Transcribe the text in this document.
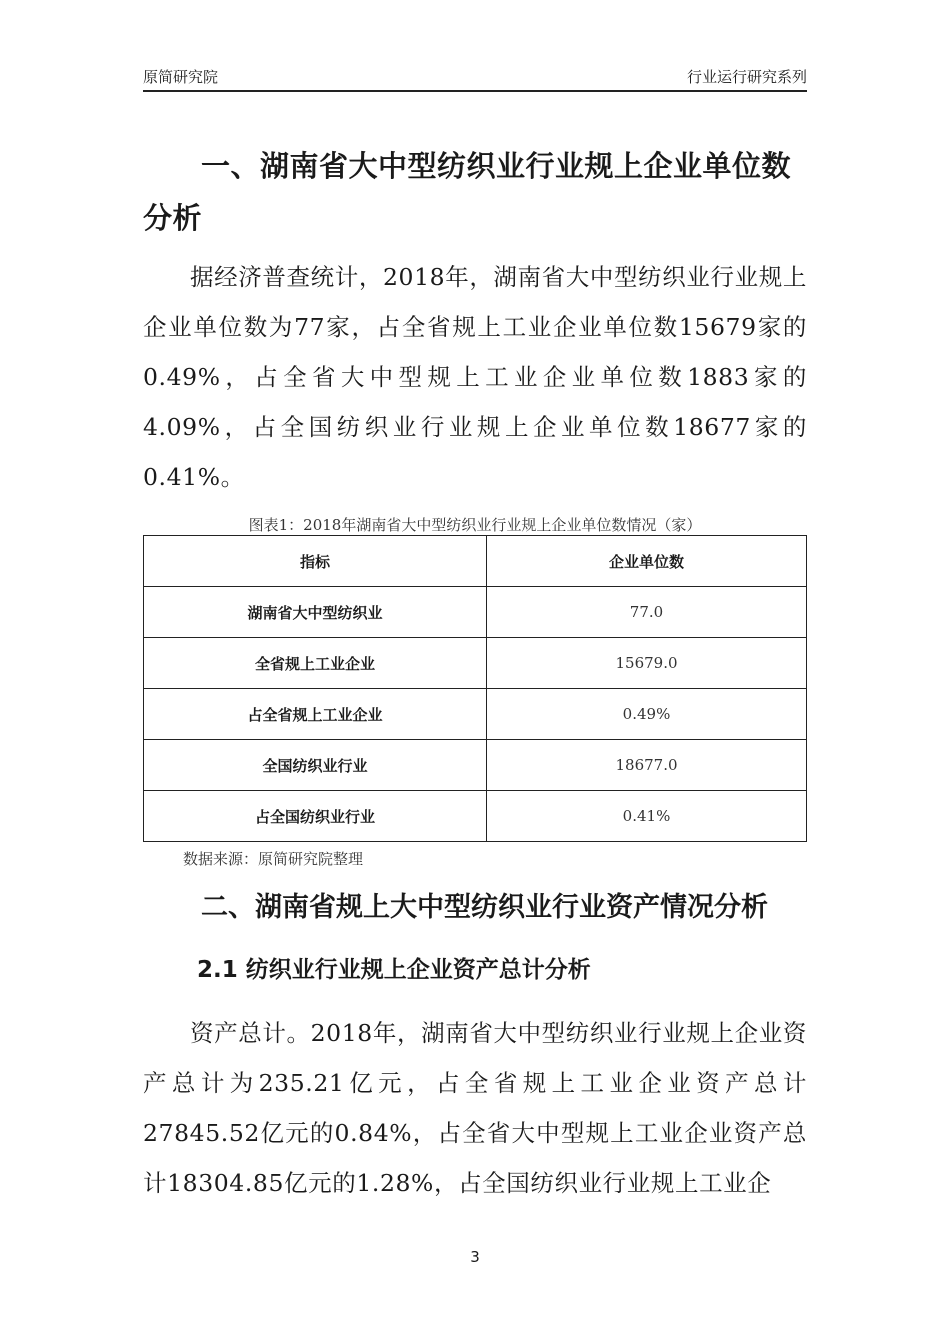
原简研究院	行业运行研究系列
一、湖南省大中型纺织业行业规上企业单位数分析
据经济普查统计，2018年，湖南省大中型纺织业行业规上企业单位数为77家，占全省规上工业企业单位数15679家的0.49%，占全省大中型规上工业企业单位数1883家的4.09%，占全国纺织业行业规上企业单位数18677家的0.41%。
图表1：2018年湖南省大中型纺织业行业规上企业单位数情况（家）
指标	企业单位数
湖南省大中型纺织业	77.0
全省规上工业企业	15679.0
占全省规上工业企业	0.49%
全国纺织业行业	18677.0
占全国纺织业行业	0.41%
数据来源：原简研究院整理
二、湖南省规上大中型纺织业行业资产情况分析
2.1 纺织业行业规上企业资产总计分析
资产总计。2018年，湖南省大中型纺织业行业规上企业资产总计为235.21亿元，占全省规上工业企业资产总计27845.52亿元的0.84%，占全省大中型规上工业企业资产总计18304.85亿元的1.28%，占全国纺织业行业规上工业企
3
